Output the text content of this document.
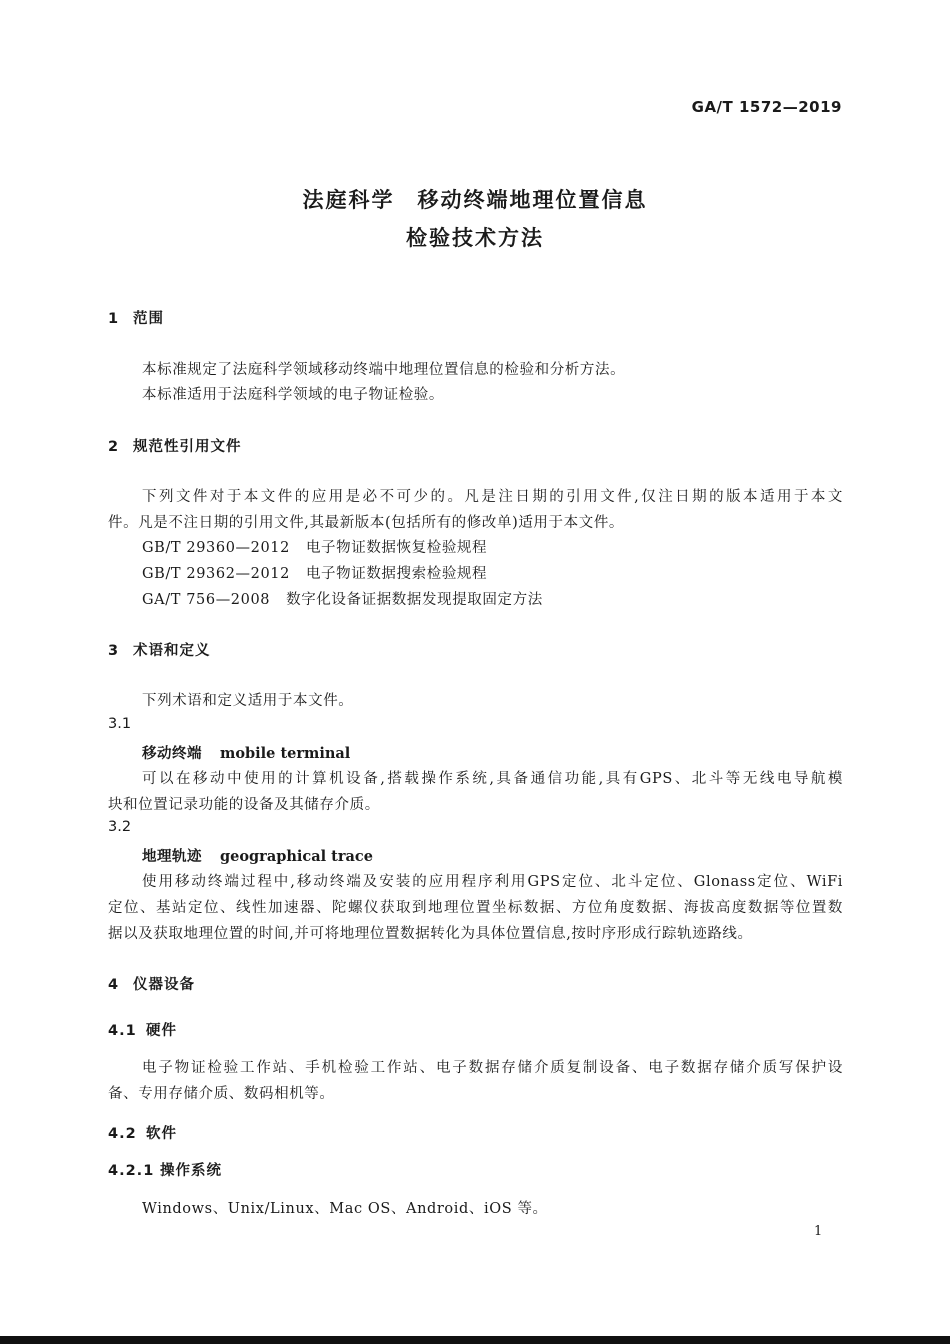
GA/T 1572—2019
法庭科学　移动终端地理位置信息
检验技术方法
1 范围
本标准规定了法庭科学领域移动终端中地理位置信息的检验和分析方法。
本标准适用于法庭科学领域的电子物证检验。
2 规范性引用文件
下列文件对于本文件的应用是必不可少的。凡是注日期的引用文件,仅注日期的版本适用于本文
件。凡是不注日期的引用文件,其最新版本(包括所有的修改单)适用于本文件。
GB/T 29360—2012 电子物证数据恢复检验规程
GB/T 29362—2012 电子物证数据搜索检验规程
GA/T 756—2008 数字化设备证据数据发现提取固定方法
3 术语和定义
下列术语和定义适用于本文件。
3.1
移动终端 mobile terminal
可以在移动中使用的计算机设备,搭载操作系统,具备通信功能,具有GPS、北斗等无线电导航模
块和位置记录功能的设备及其储存介质。
3.2
地理轨迹 geographical trace
使用移动终端过程中,移动终端及安装的应用程序利用GPS定位、北斗定位、Glonass定位、WiFi
定位、基站定位、线性加速器、陀螺仪获取到地理位置坐标数据、方位角度数据、海拔高度数据等位置数
据以及获取地理位置的时间,并可将地理位置数据转化为具体位置信息,按时序形成行踪轨迹路线。
4 仪器设备
4.1 硬件
电子物证检验工作站、手机检验工作站、电子数据存储介质复制设备、电子数据存储介质写保护设
备、专用存储介质、数码相机等。
4.2 软件
4.2.1 操作系统
Windows、Unix/Linux、Mac OS、Android、iOS 等。
1
